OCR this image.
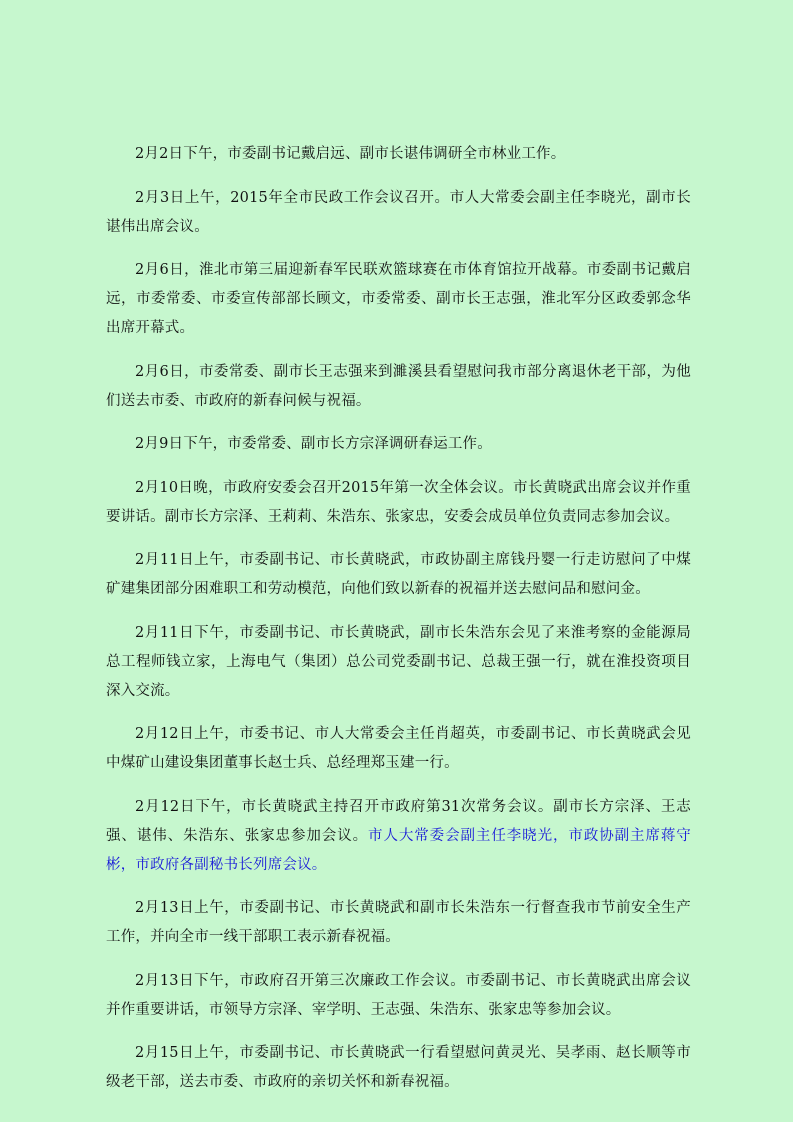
2月2日下午，市委副书记戴启远、副市长谌伟调研全市林业工作。

2月3日上午，2015年全市民政工作会议召开。市人大常委会副主任李晓光，副市长谌伟出席会议。

2月6日，淮北市第三届迎新春军民联欢篮球赛在市体育馆拉开战幕。市委副书记戴启远，市委常委、市委宣传部部长顾文，市委常委、副市长王志强，淮北军分区政委郭念华出席开幕式。

2月6日，市委常委、副市长王志强来到濉溪县看望慰问我市部分离退休老干部，为他们送去市委、市政府的新春问候与祝福。

2月9日下午，市委常委、副市长方宗泽调研春运工作。

2月10日晚，市政府安委会召开2015年第一次全体会议。市长黄晓武出席会议并作重要讲话。副市长方宗泽、王莉莉、朱浩东、张家忠，安委会成员单位负责同志参加会议。

2月11日上午，市委副书记、市长黄晓武，市政协副主席钱丹婴一行走访慰问了中煤矿建集团部分困难职工和劳动模范，向他们致以新春的祝福并送去慰问品和慰问金。

2月11日下午，市委副书记、市长黄晓武，副市长朱浩东会见了来淮考察的金能源局总工程师钱立家，上海电气（集团）总公司党委副书记、总裁王强一行，就在淮投资项目深入交流。

2月12日上午，市委书记、市人大常委会主任肖超英，市委副书记、市长黄晓武会见中煤矿山建设集团董事长赵士兵、总经理郑玉建一行。

2月12日下午，市长黄晓武主持召开市政府第31次常务会议。副市长方宗泽、王志强、谌伟、朱浩东、张家忠参加会议。市人大常委会副主任李晓光，市政协副主席蒋守彬，市政府各副秘书长列席会议。

2月13日上午，市委副书记、市长黄晓武和副市长朱浩东一行督查我市节前安全生产工作，并向全市一线干部职工表示新春祝福。

2月13日下午，市政府召开第三次廉政工作会议。市委副书记、市长黄晓武出席会议并作重要讲话，市领导方宗泽、宰学明、王志强、朱浩东、张家忠等参加会议。

2月15日上午，市委副书记、市长黄晓武一行看望慰问黄灵光、吴孝雨、赵长顺等市级老干部，送去市委、市政府的亲切关怀和新春祝福。
